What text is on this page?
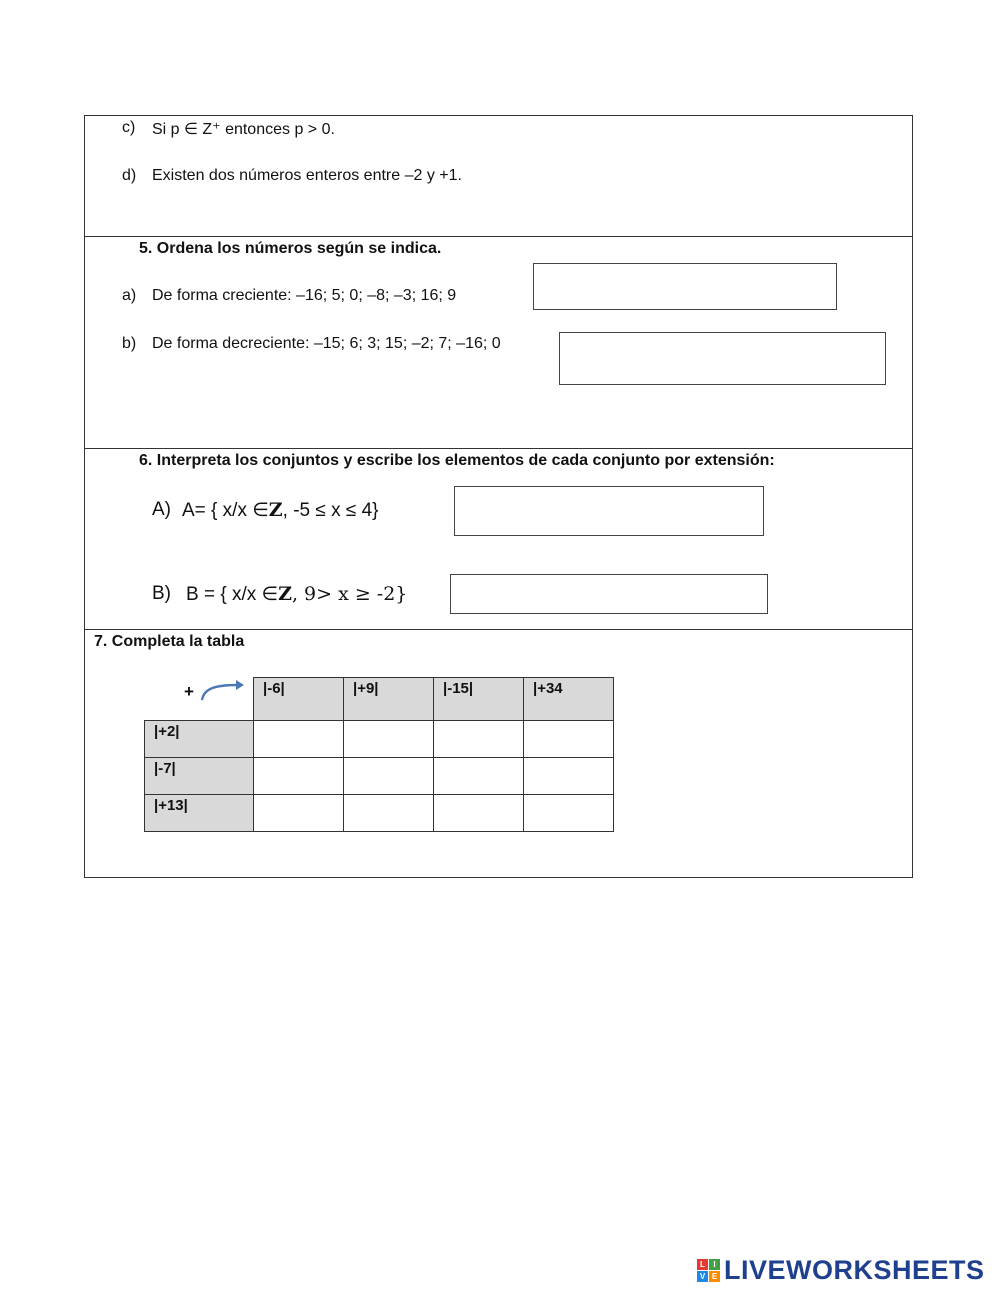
c) Si p ∈ Z⁺ entonces p > 0.
d) Existen dos números enteros entre –2 y +1.
5. Ordena los números según se indica.
a) De forma creciente: –16; 5; 0; –8; –3; 16; 9
b) De forma decreciente: –15; 6; 3; 15; –2; 7; –16; 0
6. Interpreta los conjuntos y escribe los elementos de cada conjunto por extensión:
A) A= { x/x ∈Z, -5 ≤ x ≤ 4}
B) B = { x/x ∈Z, 9> x ≥ -2}
7. Completa la tabla
+
		|-6|	|+9|	|-15|	|+34
|+2|				
|-7|				
|+13|				
L	I
V E LIVEWORKSHEETS
